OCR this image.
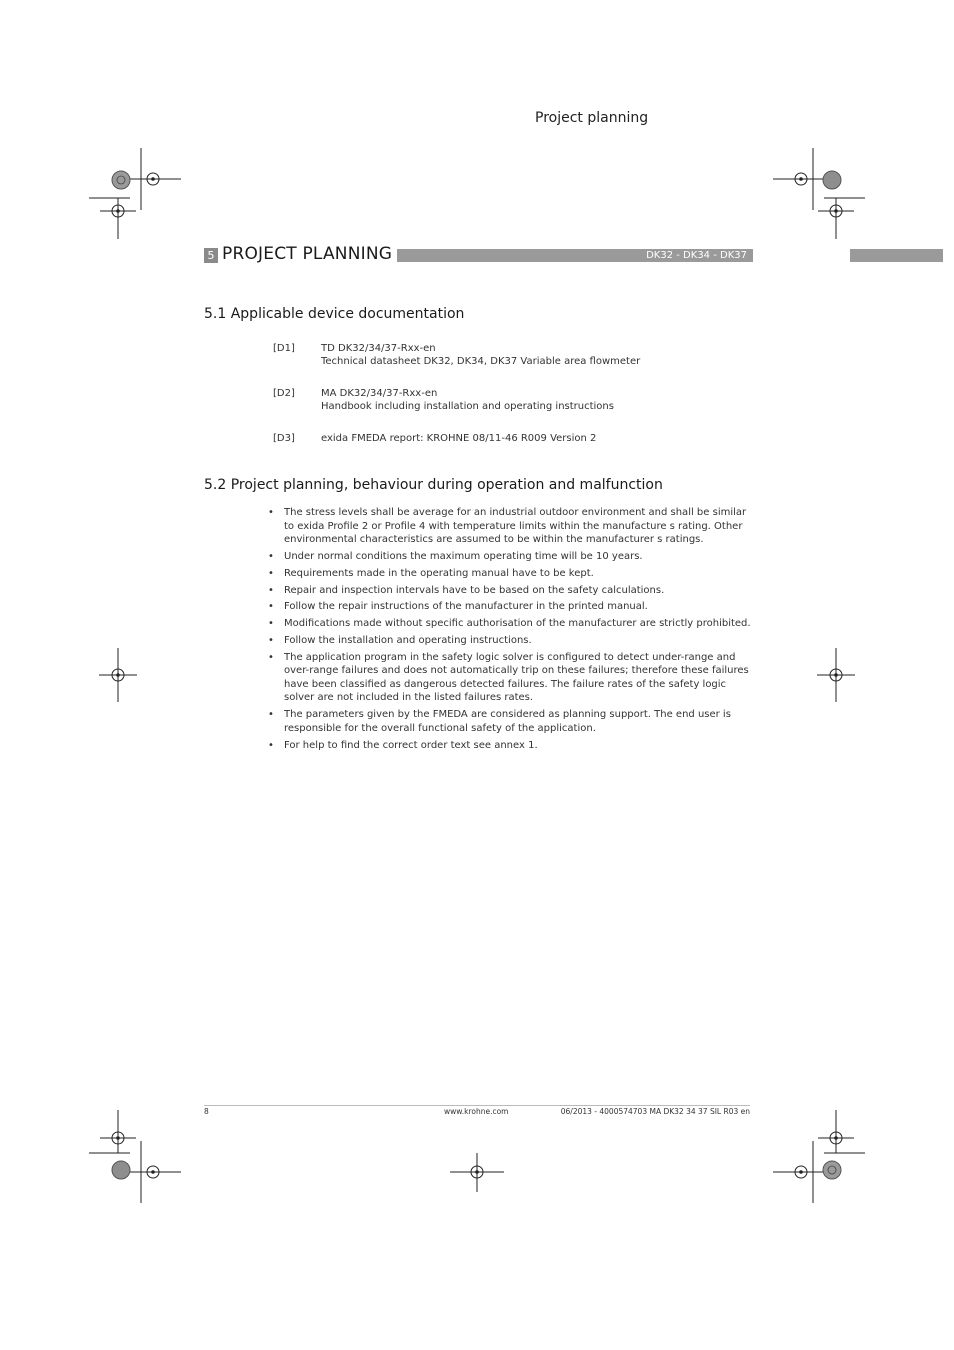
Project planning
5 PROJECT PLANNING	DK32 - DK34 - DK37
5.1 Applicable device documentation
[D1]	TD DK32/34/37-Rxx-en
Technical datasheet DK32, DK34, DK37 Variable area flowmeter
[D2]	MA DK32/34/37-Rxx-en
Handbook including installation and operating instructions
[D3]	exida FMEDA report: KROHNE 08/11-46 R009 Version 2
5.2 Project planning, behaviour during operation and malfunction
• The stress levels shall be average for an industrial outdoor environment and shall be similar to exida Profile 2 or Profile 4 with temperature limits within the manufacture s rating. Other environmental characteristics are assumed to be within the manufacturer s ratings.
• Under normal conditions the maximum operating time will be 10 years.
• Requirements made in the operating manual have to be kept.
• Repair and inspection intervals have to be based on the safety calculations.
• Follow the repair instructions of the manufacturer in the printed manual.
• Modifications made without specific authorisation of the manufacturer are strictly prohibited.
• Follow the installation and operating instructions.
• The application program in the safety logic solver is configured to detect under-range and over-range failures and does not automatically trip on these failures; therefore these failures have been classified as dangerous detected failures. The failure rates of the safety logic solver are not included in the listed failures rates.
• The parameters given by the FMEDA are considered as planning support. The end user is responsible for the overall functional safety of the application.
• For help to find the correct order text see annex 1.
8	www.krohne.com	06/2013 - 4000574703 MA DK32 34 37 SIL R03 en
